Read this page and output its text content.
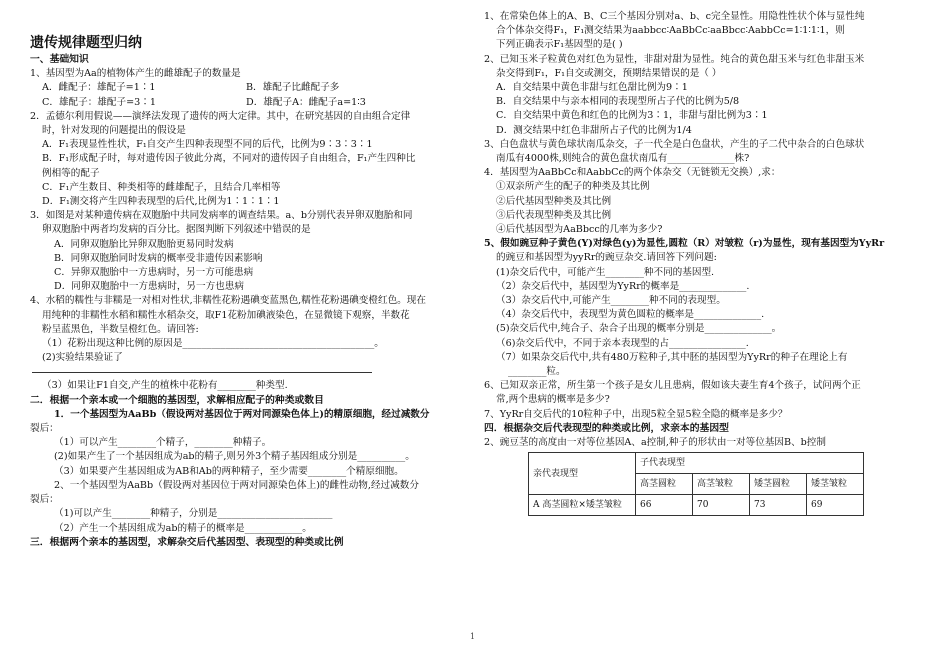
遗传规律题型归纳
一、基础知识
1、基因型为Aa的植物体产生的雌雄配子的数量是
A．雌配子：雄配子=1∶1	B．雄配子比雌配子多
C．雄配子：雄配子=3∶1	D．雄配子A：雌配子a=1∶3
2．孟德尔利用假说——演绎法发现了遗传的两大定律。其中，在研究基因的自由组合定律
时，针对发现的问题提出的假设是
A．F₁表现显性性状，F₁自交产生四种表现型不同的后代，比例为9∶3∶3∶1
B．F₁形成配子时，每对遗传因子彼此分离，不同对的遗传因子自由组合，F₁产生四种比
例相等的配子
C．F₁产生数目、种类相等的雌雄配子，且结合几率相等
D．F₁测交将产生四种表现型的后代,比例为1∶1∶1∶1
3．如图是对某种遗传病在双胞胎中共同发病率的调查结果。a、b分别代表异卵双胞胎和同
卵双胞胎中两者均发病的百分比。据图判断下列叙述中错误的是
A．同卵双胞胎比异卵双胞胎更易同时发病
B．同卵双胞胎同时发病的概率受非遗传因素影响
C．异卵双胞胎中一方患病时，另一方可能患病
D．同卵双胞胎中一方患病时，另一方也患病
4、水稻的糯性与非糯是一对相对性状,非糯性花粉遇碘变蓝黑色,糯性花粉遇碘变橙红色。现在
用纯种的非糯性水稻和糯性水稻杂交，取F1花粉加碘液染色，在显微镜下观察，半数花
粉呈蓝黑色，半数呈橙红色。请回答:
（1）花粉出现这种比例的原因是________________________________________。
(2)实验结果验证了
（3）如果让F1自交,产生的植株中花粉有________种类型.
二．根据一个亲本或一个细胞的基因型，求解相应配子的种类或数目
1．一个基因型为AaBb（假设两对基因位于两对同源染色体上)的精原细胞，经过减数分
裂后：
（1）可以产生________个精子，________种精子。
(2)如果产生了一个基因组成为ab的精子,则另外3个精子基因组成分别是__________。
（3）如果要产生基因组成为AB和Ab的两种精子，至少需要________个精原细胞。
2、一个基因型为AaBb（假设两对基因位于两对同源染色体上)的雌性动物,经过减数分
裂后：
（1)可以产生________种精子，分别是________________________
（2）产生一个基因组成为ab的精子的概率是____________。
三．根据两个亲本的基因型，求解杂交后代基因型、表现型的种类或比例
1、在常染色体上的A、B、C三个基因分别对a、b、c完全显性。用隐性性状个体与显性纯
合个体杂交得F₁，F₁测交结果为aabbcc∶AaBbCc∶aaBbcc∶AabbCc=1∶1∶1∶1，则
下列正确表示F₁基因型的是( )
2、已知玉米子粒黄色对红色为显性，非甜对甜为显性。纯合的黄色甜玉米与红色非甜玉米
杂交得到F₁，F₁自交或测交，预期结果错误的是（ ）
A．自交结果中黄色非甜与红色甜比例为9∶1
B．自交结果中与亲本相同的表现型所占子代的比例为5/8
C．自交结果中黄色和红色的比例为3∶1，非甜与甜比例为3∶1
D．测交结果中红色非甜所占子代的比例为1/4
3、白色盘状与黄色球状南瓜杂交，子一代全是白色盘状，产生的子二代中杂合的白色球状
南瓜有4000株,则纯合的黄色盘状南瓜有______________株?
4．基因型为AaBbCc和AabbCc的两个体杂交（无链锁无交换）,求：
①双亲所产生的配子的种类及其比例
②后代基因型种类及其比例
③后代表现型种类及其比例
④后代基因型为AaBbcc的几率为多少?
5、假如豌豆种子黄色(Y)对绿色(y)为显性,圆粒（R）对皱粒（r)为显性，现有基因型为YyRr
的豌豆和基因型为yyRr的豌豆杂交.请回答下列问题:
(1)杂交后代中，可能产生________种不同的基因型.
（2）杂交后代中，基因型为YyRr的概率是______________.
（3）杂交后代中,可能产生________种不同的表现型。
（4）杂交后代中，表现型为黄色圆粒的概率是______________.
(5)杂交后代中,纯合子、杂合子出现的概率分别是______________。
（6)杂交后代中，不同于亲本表现型的占________________.
（7）如果杂交后代中,共有480万粒种子,其中胚的基因型为YyRr的种子在理论上有
________粒。
6、已知双亲正常，所生第一个孩子是女儿且患病，假如该夫妻生育4个孩子，试问两个正
常,两个患病的概率是多少?
7、YyRr自交后代的10粒种子中，出现5粒全显5粒全隐的概率是多少？
四．根据杂交后代表现型的种类或比例，求亲本的基因型
2、豌豆茎的高度由一对等位基因A、a控制,种子的形状由一对等位基因B、b控制
亲代表现型	子代表现型			
	高茎圆粒	高茎皱粒	矮茎圆粒	矮茎皱粒
A 高茎圆粒×矮茎皱粒	66	70	73	69
1
